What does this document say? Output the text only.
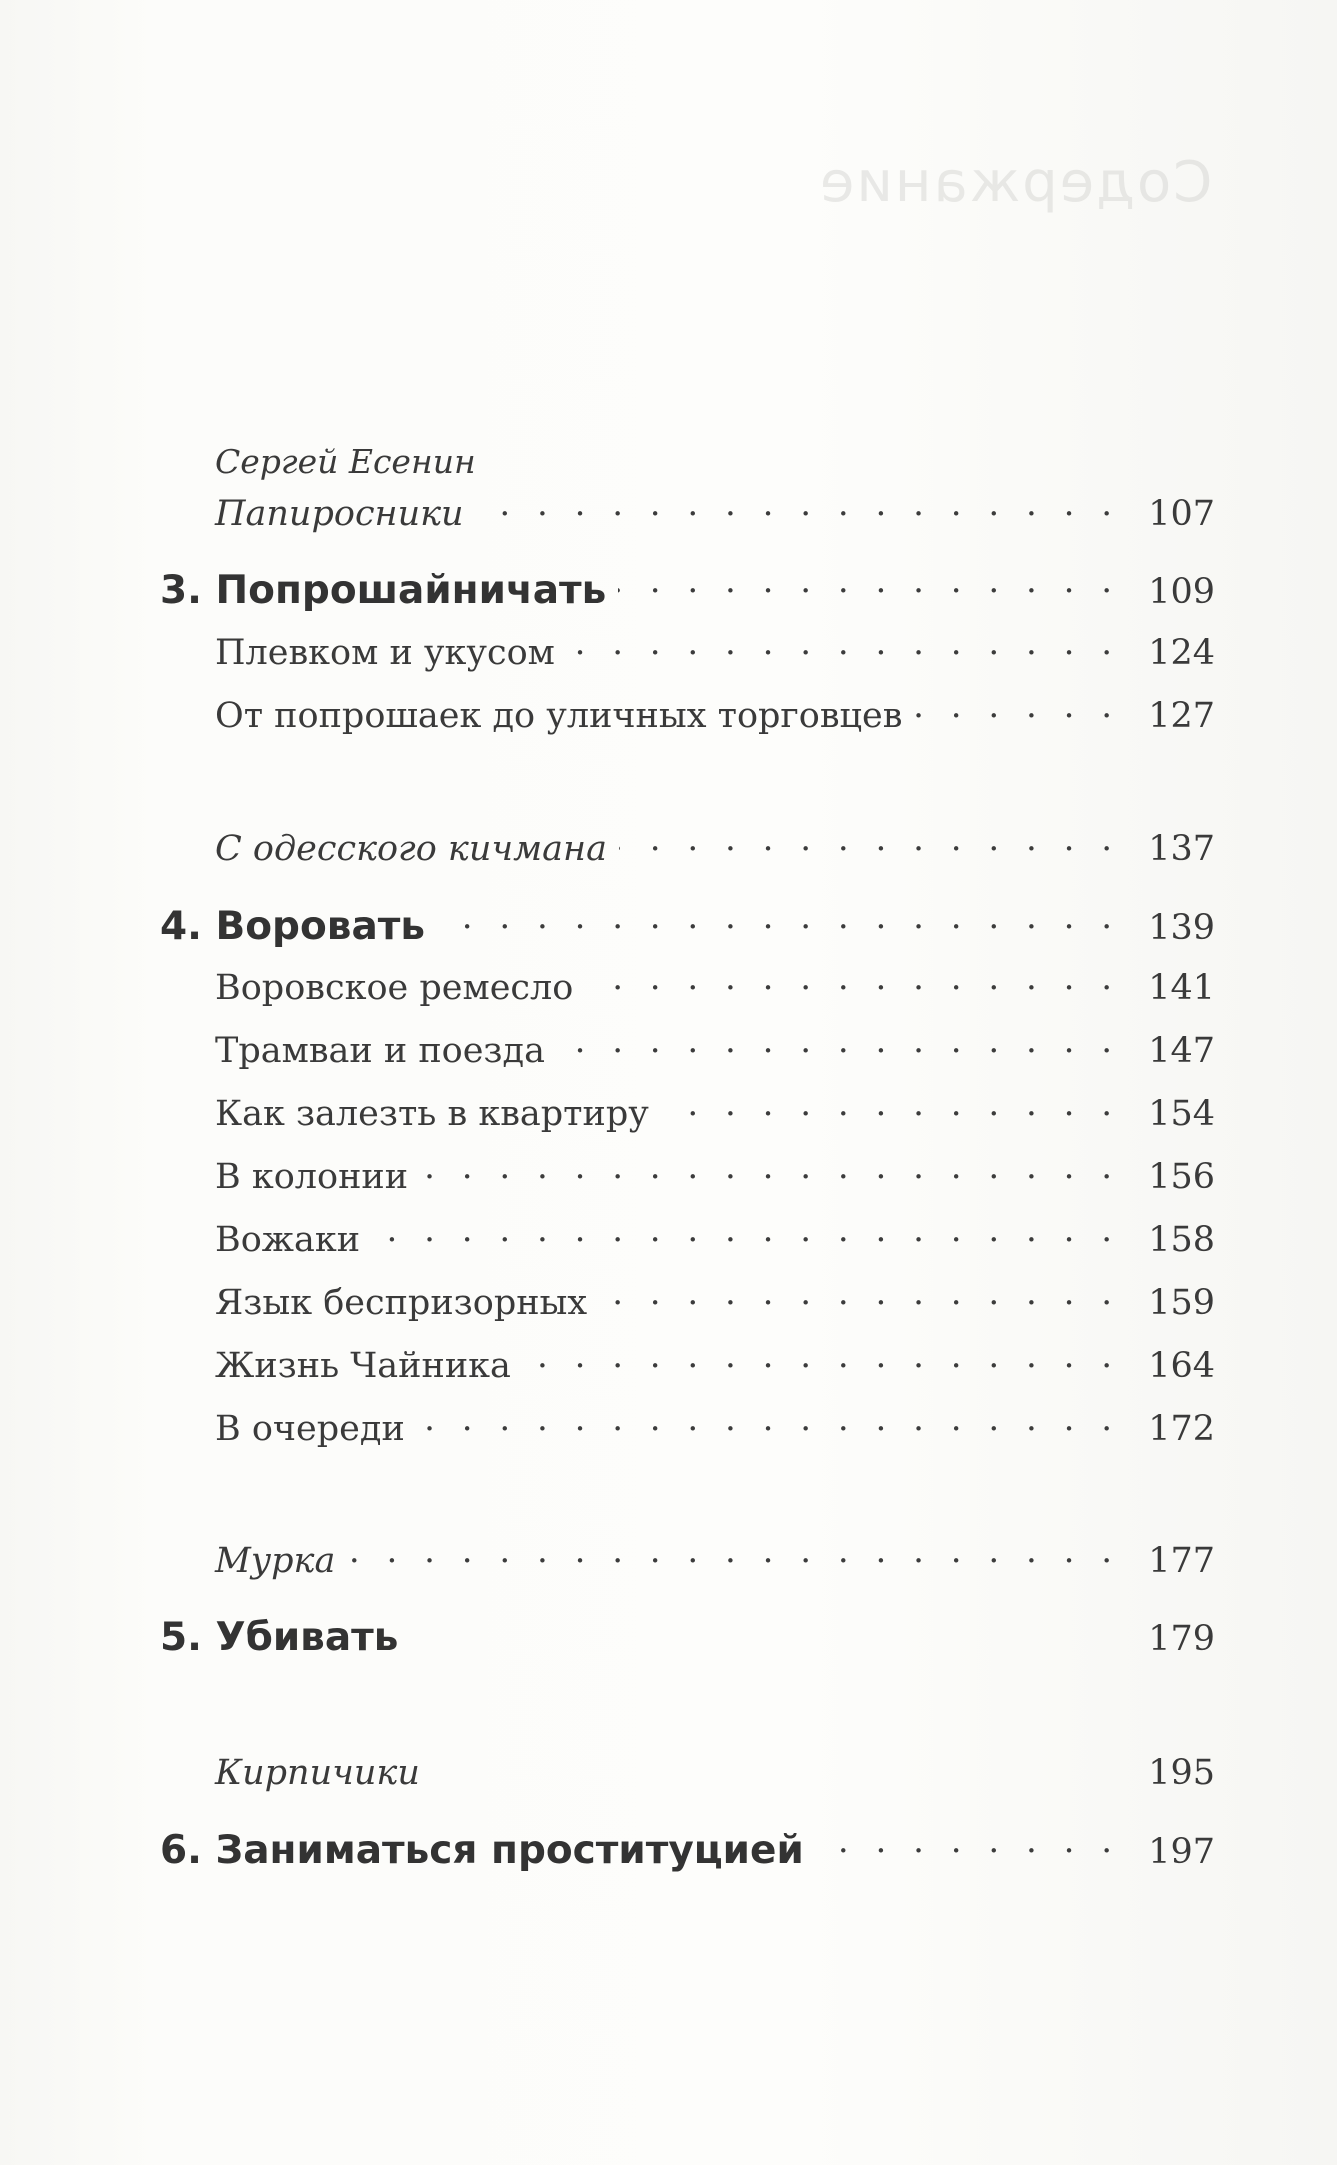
Содержание
Сергей Есенин
Папиросники . . .	107
3. Попрошайничать . . .	109
Плевком и укусом . . .	124
От попрошаек до уличных торговцев . . .	127
С одесского кичмана . . .	137
4. Воровать . . .	139
Воровское ремесло . . .	141
Трамваи и поезда . . .	147
Как залезть в квартиру . . .	154
В колонии . . .	156
Вожаки . . .	158
Язык беспризорных . . .	159
Жизнь Чайника . . .	164
В очереди . . .	172
Мурка . . .	177
5. Убивать	179
Кирпичики	195
6. Заниматься проституцией . . .	197
